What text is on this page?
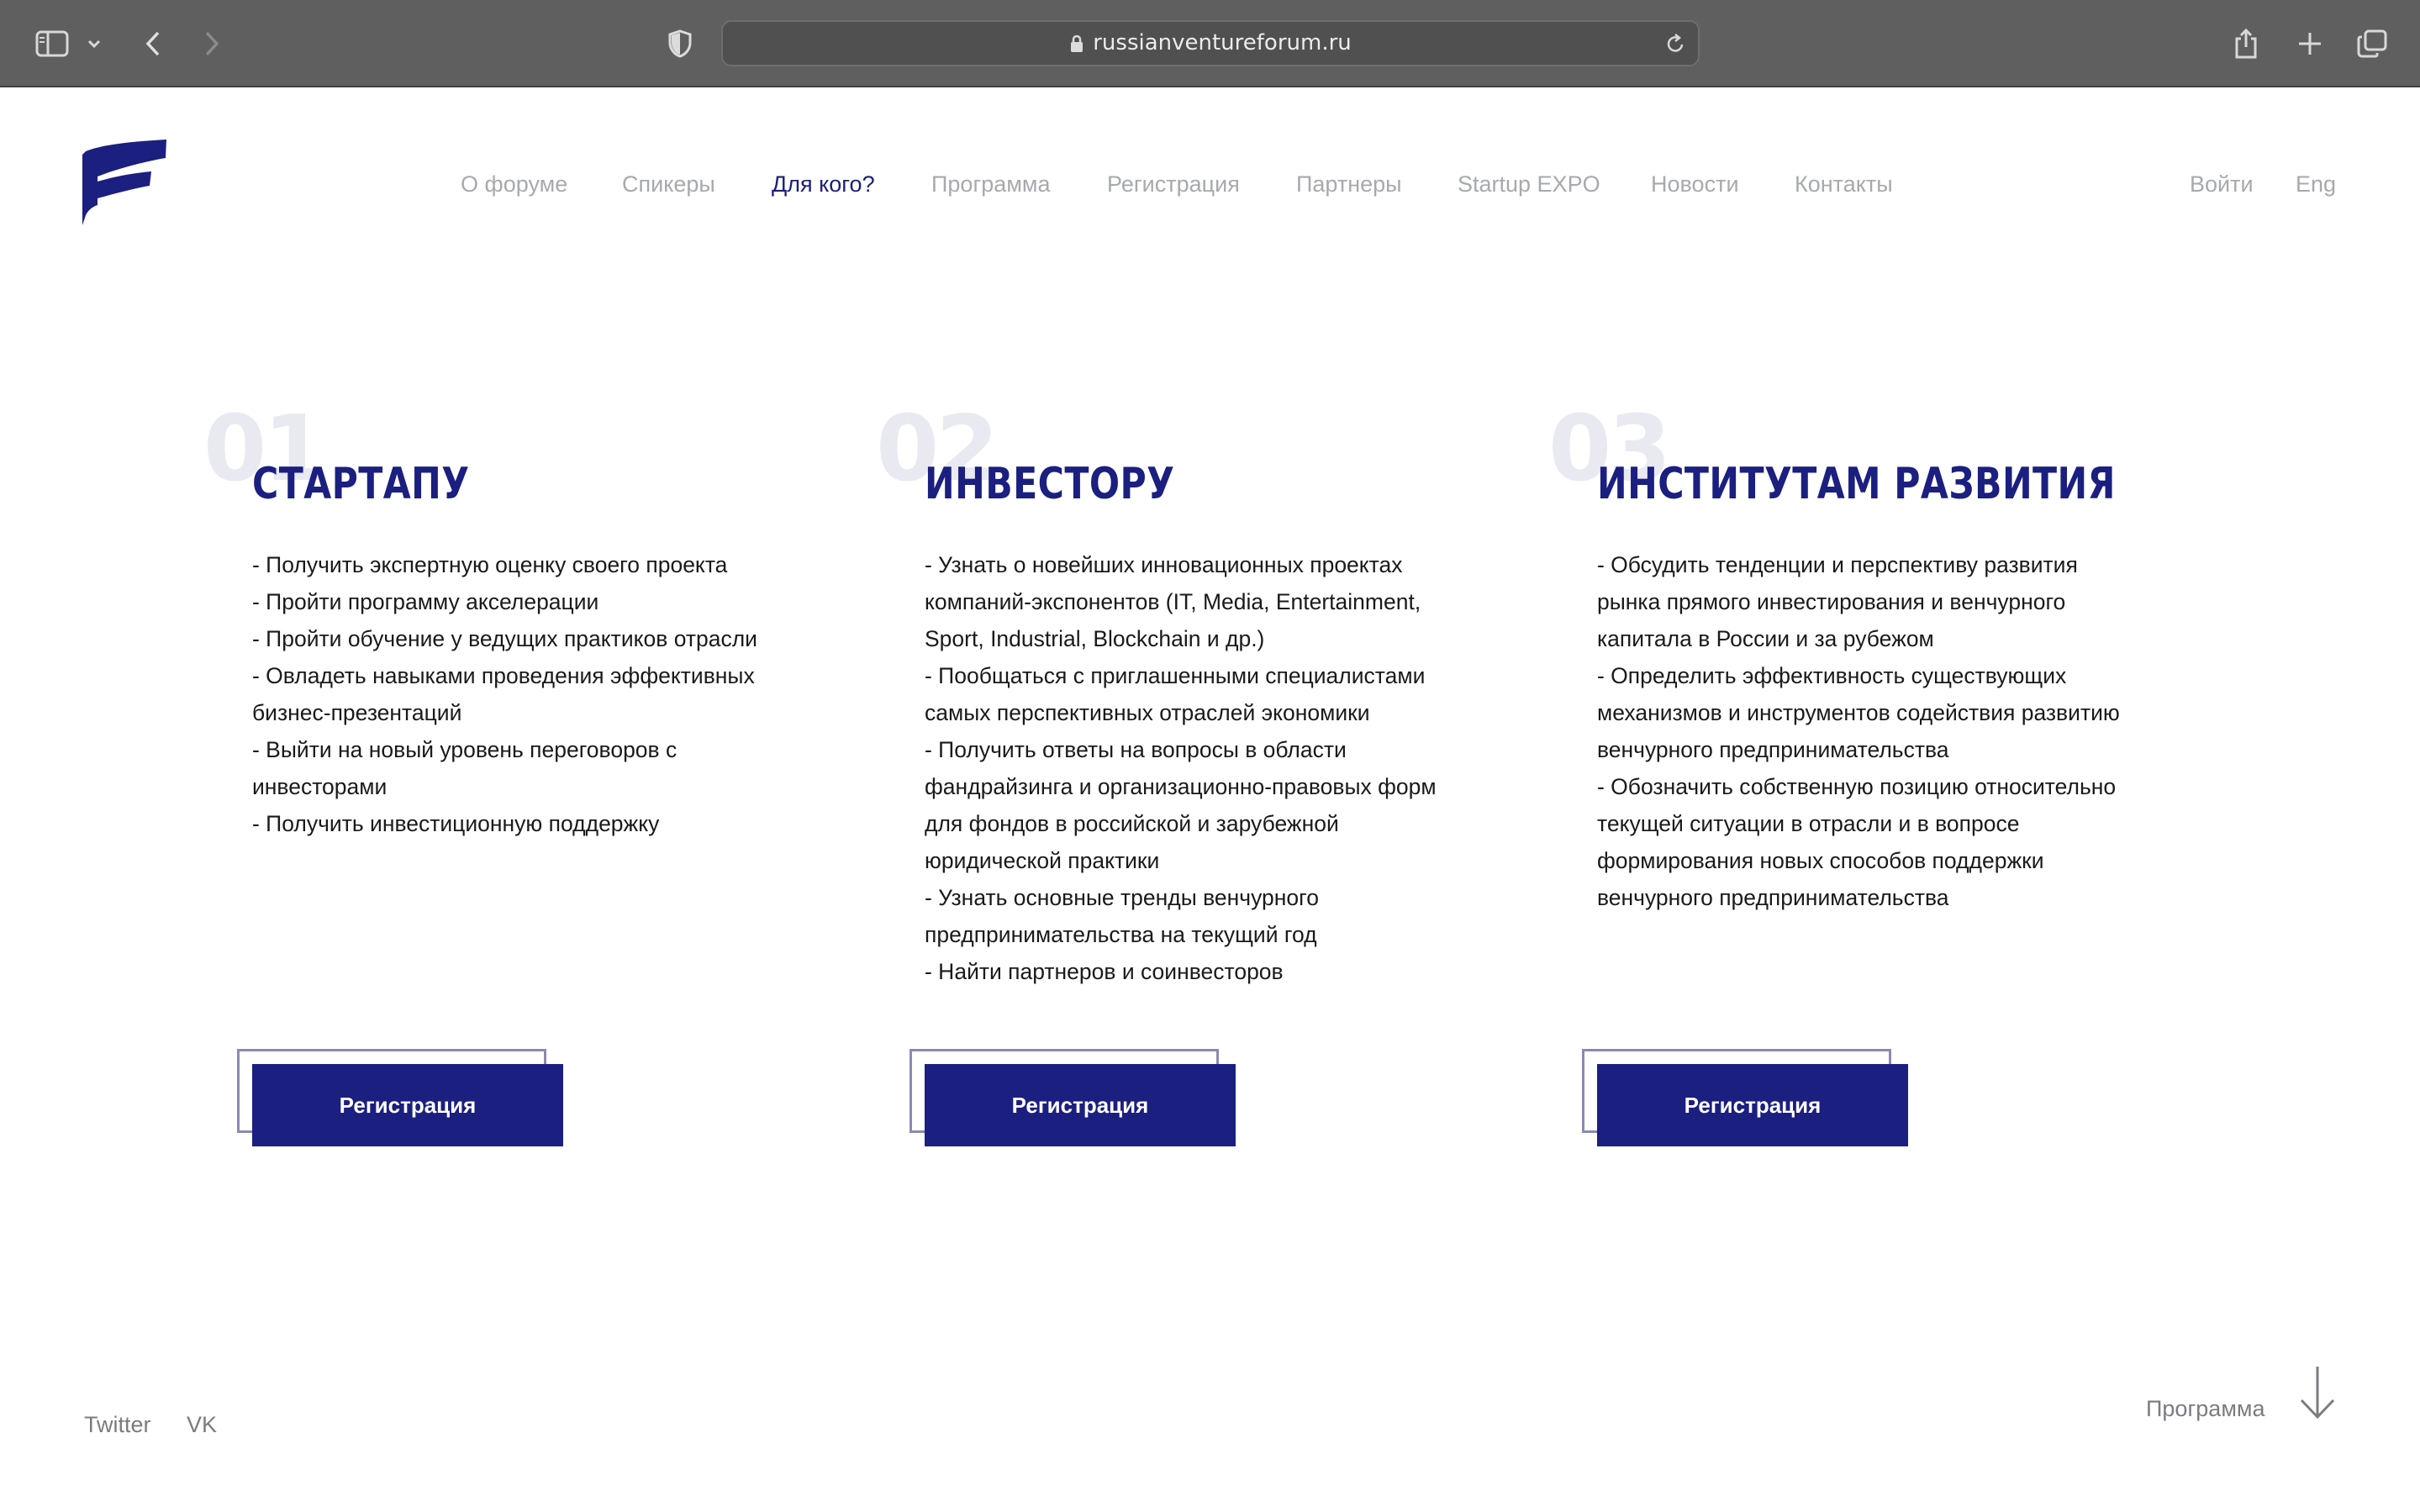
russianventureforum.ru
О форуме Спикеры Для кого? Программа	Регистрация Партнеры Startup EXPO Новости Контакты	Войти Eng
01
СТАРТАПУ
- Получить экспертную оценку своего проекта
- Пройти программу акселерации
- Пройти обучение у ведущих практиков отрасли
- Овладеть навыками проведения эффективных
бизнес-презентаций
- Выйти на новый уровень переговоров с
инвесторами
- Получить инвестиционную поддержку
Регистрация
02
ИНВЕСТОРУ
- Узнать о новейших инновационных проектах
компаний-экспонентов (IT, Media, Entertainment,
Sport, Industrial, Blockchain и др.)
- Пообщаться с приглашенными специалистами
самых перспективных отраслей экономики
- Получить ответы на вопросы в области
фандрайзинга и организационно-правовых форм
для фондов в российской и зарубежной
юридической практики
- Узнать основные тренды венчурного
предпринимательства на текущий год
- Найти партнеров и соинвесторов
Регистрация
03
ИНСТИТУТАМ РАЗВИТИЯ
- Обсудить тенденции и перспективу развития
рынка прямого инвестирования и венчурного
капитала в России и за рубежом
- Определить эффективность существующих
механизмов и инструментов содействия развитию
венчурного предпринимательства
- Обозначить собственную позицию относительно
текущей ситуации в отрасли и в вопросе
формирования новых способов поддержки
венчурного предпринимательства
Регистрация
Twitter VK
Программа
